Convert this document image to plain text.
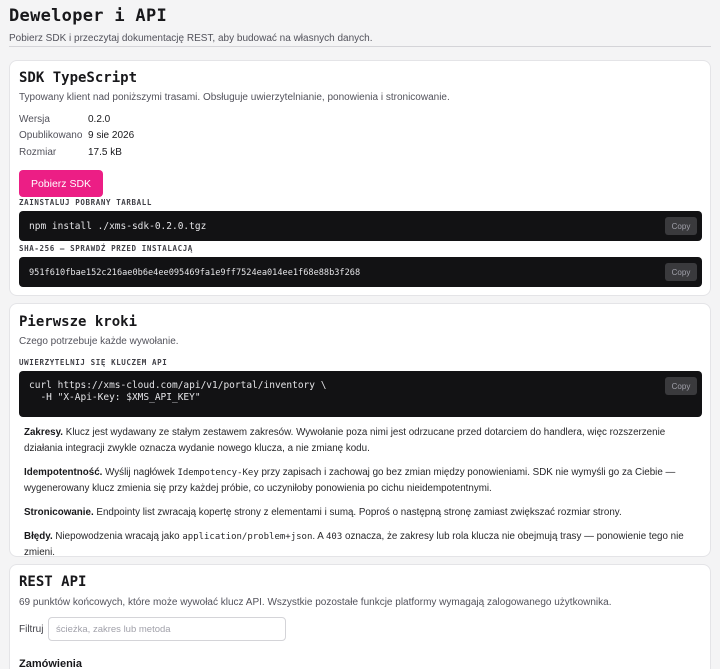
Deweloper i API
Pobierz SDK i przeczytaj dokumentację REST, aby budować na własnych danych.
SDK TypeScript
Typowany klient nad poniższymi trasami. Obsługuje uwierzytelnianie, ponowienia i stronicowanie.
Wersja	0.2.0
Opublikowano 9 sie 2026
Rozmiar	17.5 kB
Pobierz SDK
ZAINSTALUJ POBRANY TARBALL
npm install ./xms-sdk-0.2.0.tgz	Copy
SHA-256 — SPRAWDŹ PRZED INSTALACJĄ
951f610fbae152c216ae0b6e4ee095469fa1e9ff7524ea014ee1f68e88b3f268	Copy
Pierwsze kroki
Czego potrzebuje każde wywołanie.
UWIERZYTELNIJ SIĘ KLUCZEM API
curl https://xms-cloud.com/api/v1/portal/inventory \
-H "X-Api-Key: $XMS_API_KEY"
Copy

Zakresy. Klucz jest wydawany ze stałym zestawem zakresów. Wywołanie poza nimi jest odrzucane przed dotarciem do handlera, więc rozszerzenie działania integracji zwykle oznacza wydanie nowego klucza, a nie zmianę kodu.

Idempotentność. Wyślij nagłówek Idempotency-Key przy zapisach i zachowaj go bez zmian między ponowieniami. SDK nie wymyśli go za Ciebie — wygenerowany klucz zmienia się przy każdej próbie, co uczyniłoby ponowienia po cichu nieidempotentnymi.

Stronicowanie. Endpointy list zwracają kopertę strony z elementami i sumą. Poproś o następną stronę zamiast zwiększać rozmiar strony.

Błędy. Niepowodzenia wracają jako application/problem+json. A 403 oznacza, że zakresy lub rola klucza nie obejmują trasy — ponowienie tego nie zmieni.

REST API
69 punktów końcowych, które może wywołać klucz API. Wszystkie pozostałe funkcje platformy wymagają zalogowanego użytkownika.
Filtruj
ścieżka, zakres lub metoda
Zamówienia
